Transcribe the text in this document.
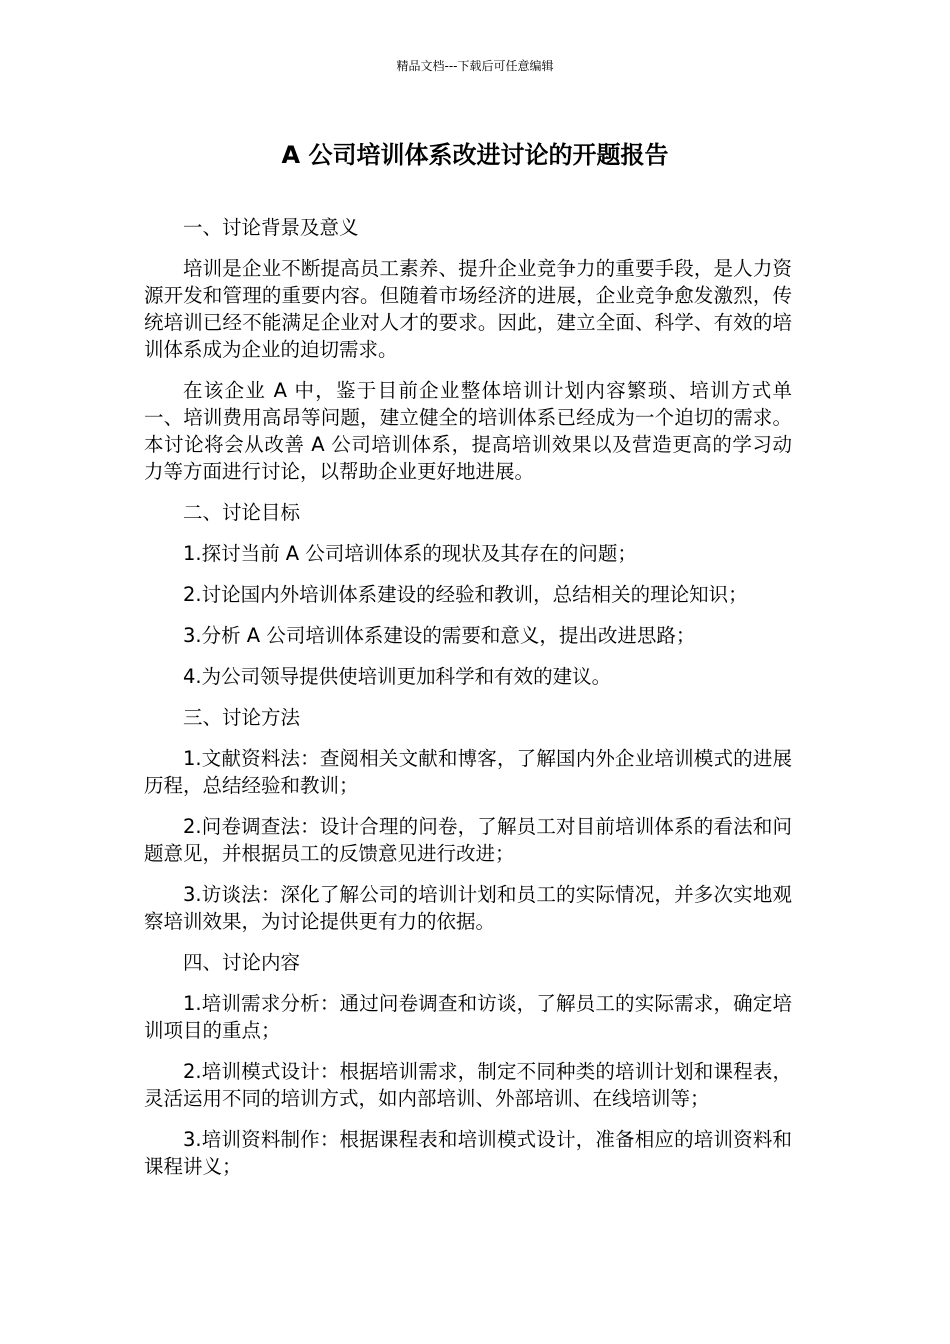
精品文档---下载后可任意编辑
A 公司培训体系改进讨论的开题报告

一、讨论背景及意义

培训是企业不断提高员工素养、提升企业竞争力的重要手段，是人力资源开发和管理的重要内容。但随着市场经济的进展，企业竞争愈发激烈，传统培训已经不能满足企业对人才的要求。因此，建立全面、科学、有效的培训体系成为企业的迫切需求。

在该企业 A 中，鉴于目前企业整体培训计划内容繁琐、培训方式单一、培训费用高昂等问题，建立健全的培训体系已经成为一个迫切的需求。本讨论将会从改善 A 公司培训体系，提高培训效果以及营造更高的学习动力等方面进行讨论，以帮助企业更好地进展。

二、讨论目标

1.探讨当前 A 公司培训体系的现状及其存在的问题；

2.讨论国内外培训体系建设的经验和教训，总结相关的理论知识；

3.分析 A 公司培训体系建设的需要和意义，提出改进思路；

4.为公司领导提供使培训更加科学和有效的建议。

三、讨论方法

1.文献资料法：查阅相关文献和博客，了解国内外企业培训模式的进展历程，总结经验和教训；

2.问卷调查法：设计合理的问卷，了解员工对目前培训体系的看法和问题意见，并根据员工的反馈意见进行改进；

3.访谈法：深化了解公司的培训计划和员工的实际情况，并多次实地观察培训效果，为讨论提供更有力的依据。

四、讨论内容

1.培训需求分析：通过问卷调查和访谈，了解员工的实际需求，确定培训项目的重点；

2.培训模式设计：根据培训需求，制定不同种类的培训计划和课程表，灵活运用不同的培训方式，如内部培训、外部培训、在线培训等；

3.培训资料制作：根据课程表和培训模式设计，准备相应的培训资料和课程讲义；
